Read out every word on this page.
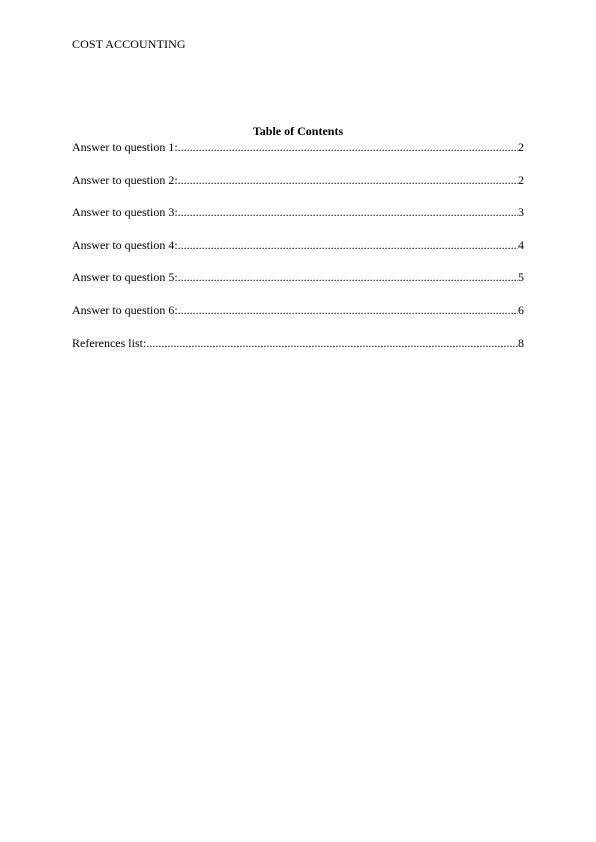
COST ACCOUNTING
Table of Contents
Answer to question 1: .....	2
Answer to question 2: .....	2
Answer to question 3: .....	3
Answer to question 4: .....	4
Answer to question 5: .....	5
Answer to question 6: .....	6
References list: .....	8
